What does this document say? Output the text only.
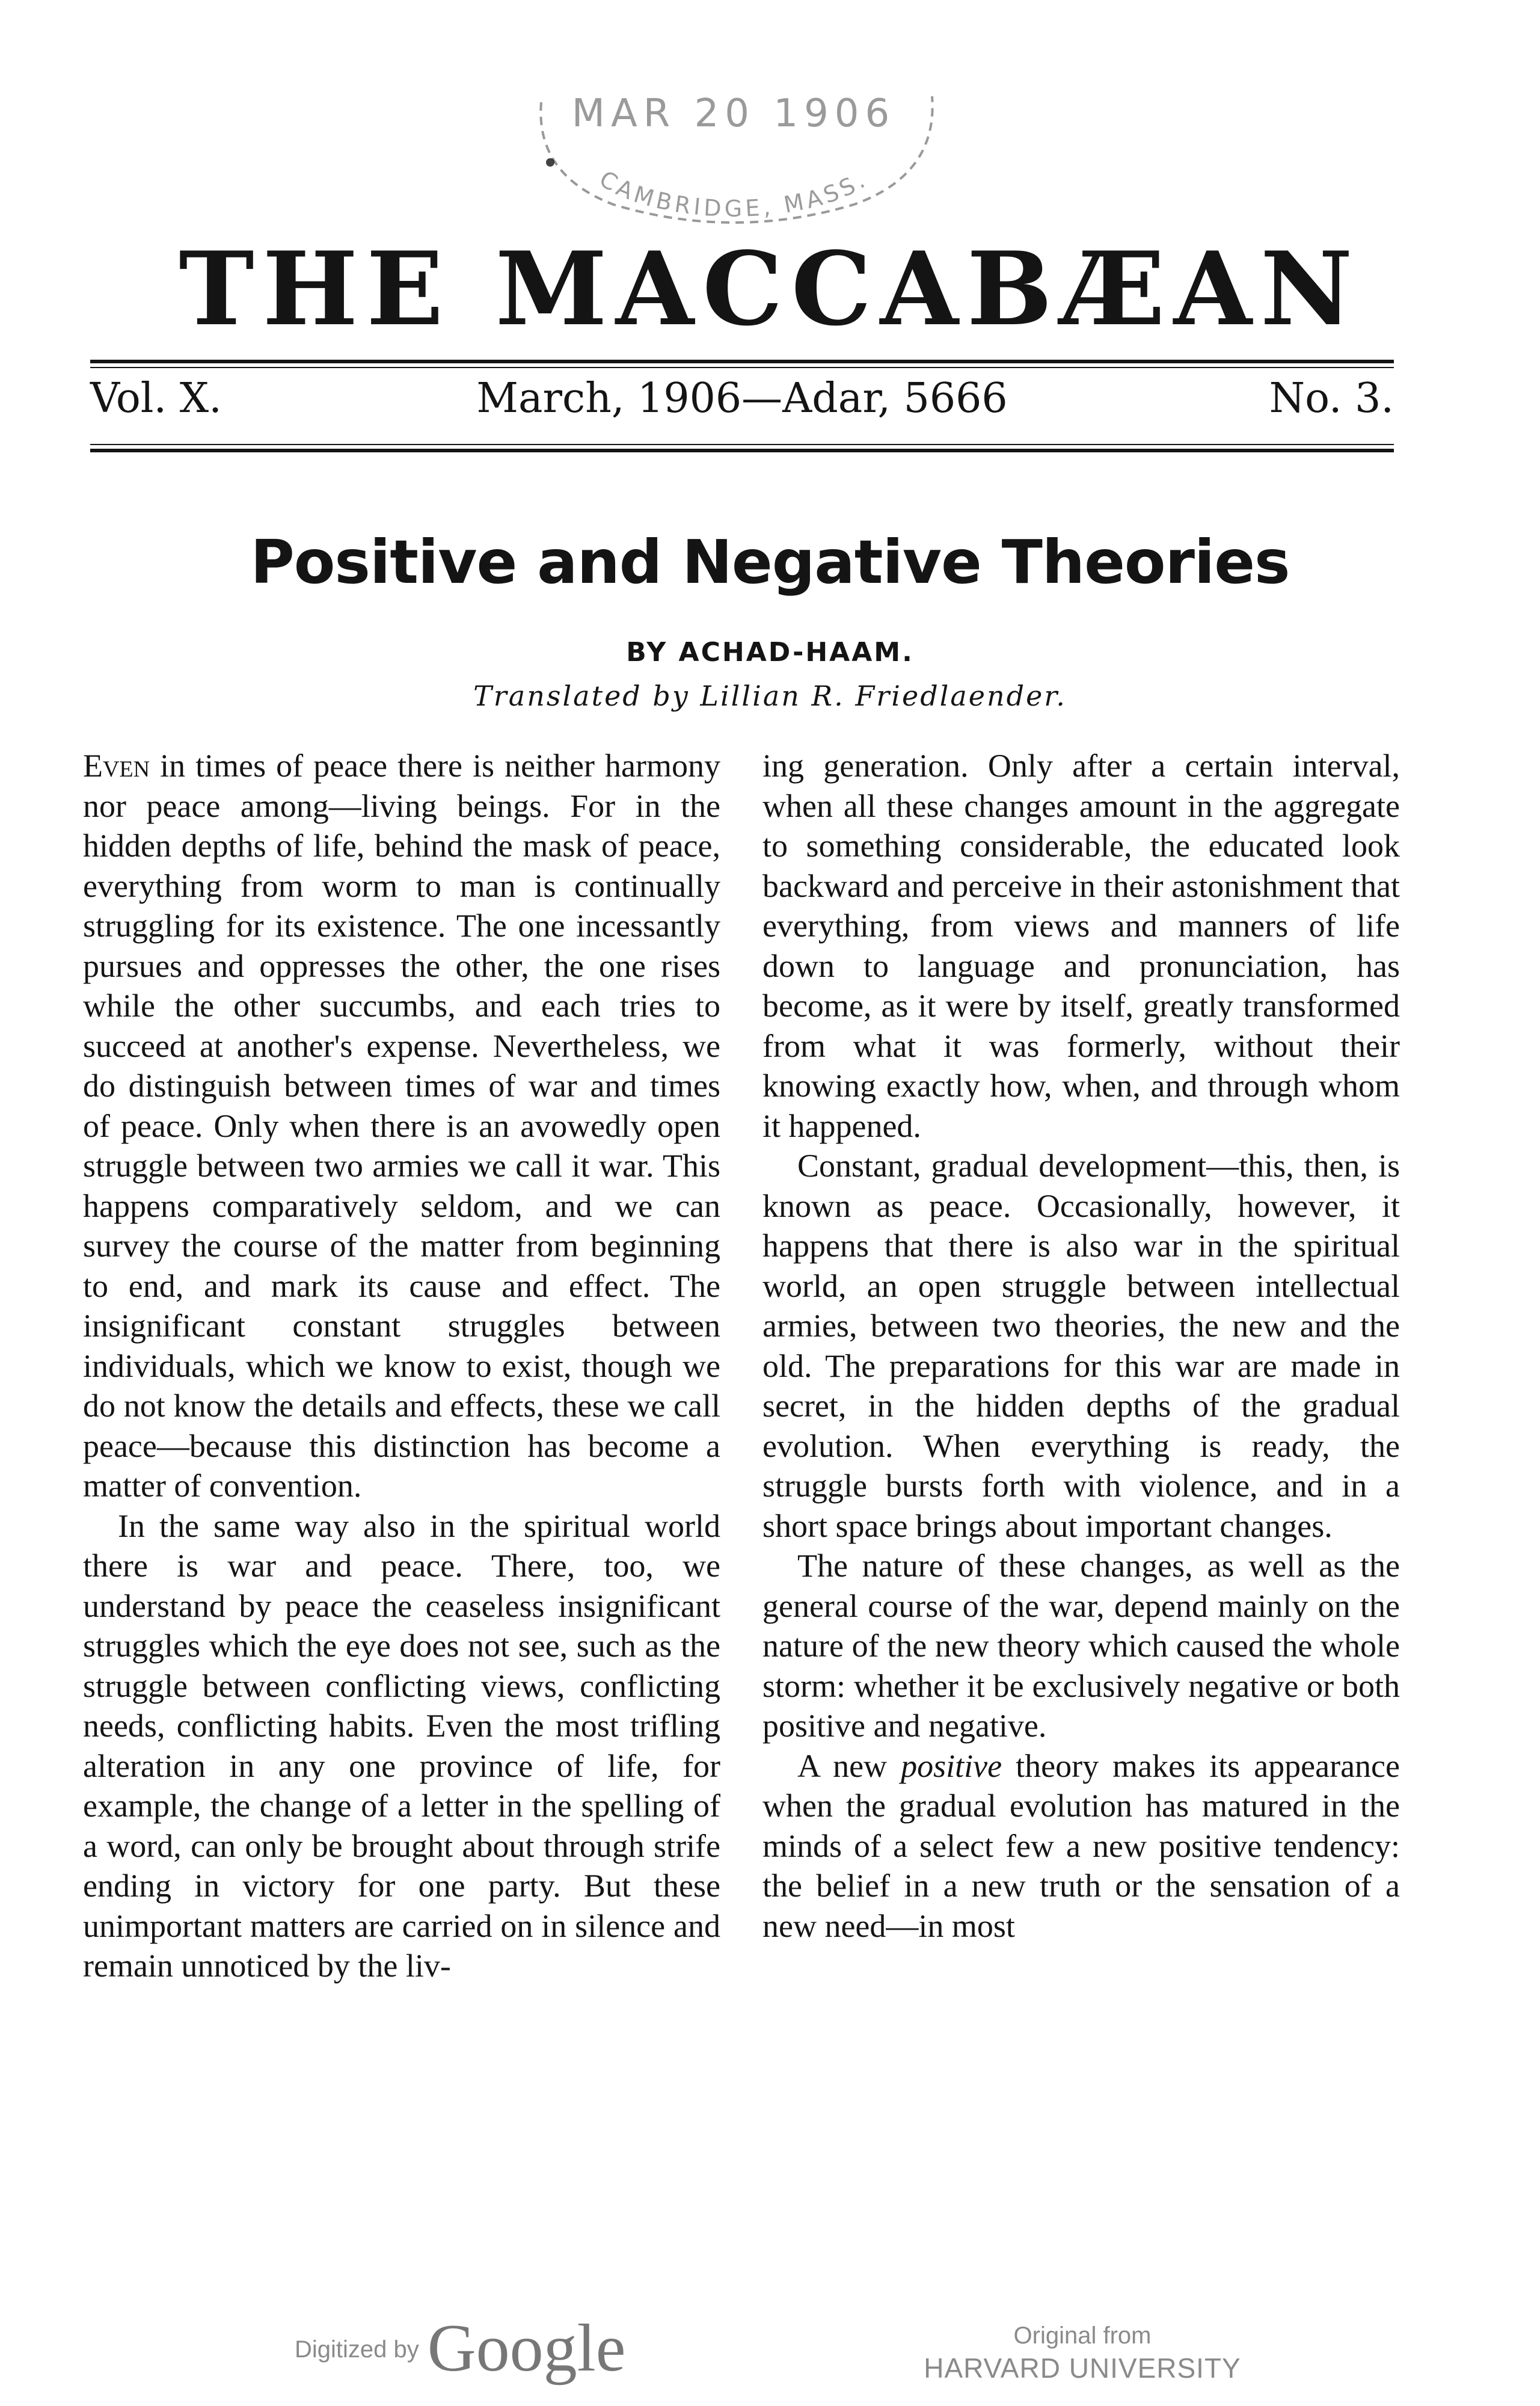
MAR 20 1906
CAMBRIDGE, MASS.
THE MACCABÆAN
Vol. X.	March, 1906—Adar, 5666	No. 3.
Positive and Negative Theories
BY ACHAD-HAAM.
Translated by Lillian R. Friedlaender.

Even in times of peace there is neither harmony nor peace among—living beings. For in the hidden depths of life, behind the mask of peace, everything from worm to man is continually struggling for its existence. The one incessantly pursues and oppresses the other, the one rises while the other succumbs, and each tries to succeed at another's expense. Nevertheless, we do distinguish between times of war and times of peace. Only when there is an avowedly open struggle between two armies we call it war. This happens comparatively seldom, and we can survey the course of the matter from beginning to end, and mark its cause and effect. The insignificant constant struggles between individuals, which we know to exist, though we do not know the details and effects, these we call peace—because this distinction has become a matter of convention.

In the same way also in the spiritual world there is war and peace. There, too, we understand by peace the ceaseless insignificant struggles which the eye does not see, such as the struggle between conflicting views, conflicting needs, conflicting habits. Even the most trifling alteration in any one province of life, for example, the change of a letter in the spelling of a word, can only be brought about through strife ending in victory for one party. But these unimportant matters are carried on in silence and remain unnoticed by the liv-

ing generation. Only after a certain interval, when all these changes amount in the aggregate to something considerable, the educated look backward and perceive in their astonishment that everything, from views and manners of life down to language and pronunciation, has become, as it were by itself, greatly transformed from what it was formerly, without their knowing exactly how, when, and through whom it happened.

Constant, gradual development—this, then, is known as peace. Occasionally, however, it happens that there is also war in the spiritual world, an open struggle between intellectual armies, between two theories, the new and the old. The preparations for this war are made in secret, in the hidden depths of the gradual evolution. When everything is ready, the struggle bursts forth with violence, and in a short space brings about important changes.

The nature of these changes, as well as the general course of the war, depend mainly on the nature of the new theory which caused the whole storm: whether it be exclusively negative or both positive and negative.

A new positive theory makes its appearance when the gradual evolution has matured in the minds of a select few a new positive tendency: the belief in a new truth or the sensation of a new need—in most

Digitized by Google	Original from
HARVARD UNIVERSITY
